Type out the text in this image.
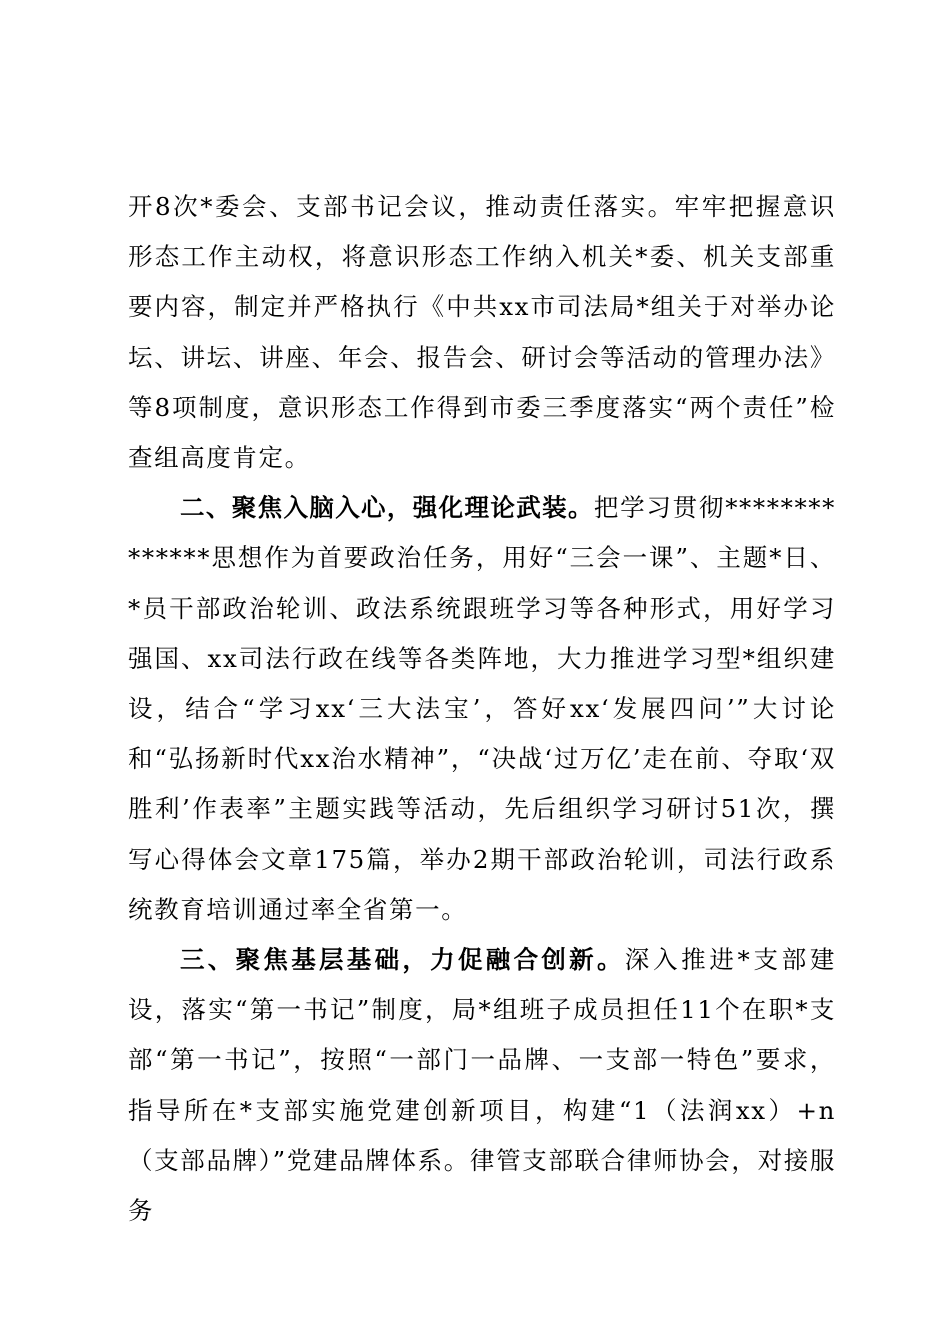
开8次*委会、支部书记会议，推动责任落实。牢牢把握意识形态工作主动权，将意识形态工作纳入机关*委、机关支部重要内容，制定并严格执行《中共xx市司法局*组关于对举办论坛、讲坛、讲座、年会、报告会、研讨会等活动的管理办法》等8项制度，意识形态工作得到市委三季度落实“两个责任”检查组高度肯定。

二、聚焦入脑入心，强化理论武装。把学习贯彻**************思想作为首要政治任务，用好“三会一课”、主题*日、*员干部政治轮训、政法系统跟班学习等各种形式，用好学习强国、xx司法行政在线等各类阵地，大力推进学习型*组织建设，结合“学习xx‘三大法宝’，答好xx‘发展四问’”大讨论和“弘扬新时代xx治水精神”，“决战‘过万亿’走在前、夺取‘双胜利’作表率”主题实践等活动，先后组织学习研讨51次，撰写心得体会文章175篇，举办2期干部政治轮训，司法行政系统教育培训通过率全省第一。

三、聚焦基层基础，力促融合创新。深入推进*支部建设，落实“第一书记”制度，局*组班子成员担任11个在职*支部“第一书记”，按照“一部门一品牌、一支部一特色”要求，指导所在*支部实施党建创新项目，构建“1（法润xx）+n（支部品牌）”党建品牌体系。律管支部联合律师协会，对接服务
